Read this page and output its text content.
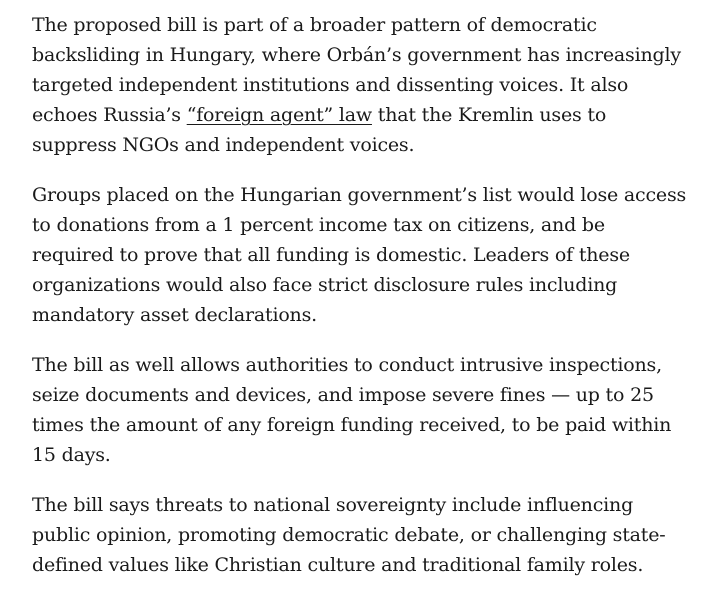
The proposed bill is part of a broader pattern of democratic backsliding in Hungary, where Orbán’s government has increasingly targeted independent institutions and dissenting voices. It also echoes Russia’s “foreign agent” law that the Kremlin uses to suppress NGOs and independent voices.

Groups placed on the Hungarian government’s list would lose access to donations from a 1 percent income tax on citizens, and be required to prove that all funding is domestic. Leaders of these organizations would also face strict disclosure rules including mandatory asset declarations.

The bill as well allows authorities to conduct intrusive inspections, seize documents and devices, and impose severe fines — up to 25 times the amount of any foreign funding received, to be paid within 15 days.

The bill says threats to national sovereignty include influencing public opinion, promoting democratic debate, or challenging state-defined values like Christian culture and traditional family roles.
